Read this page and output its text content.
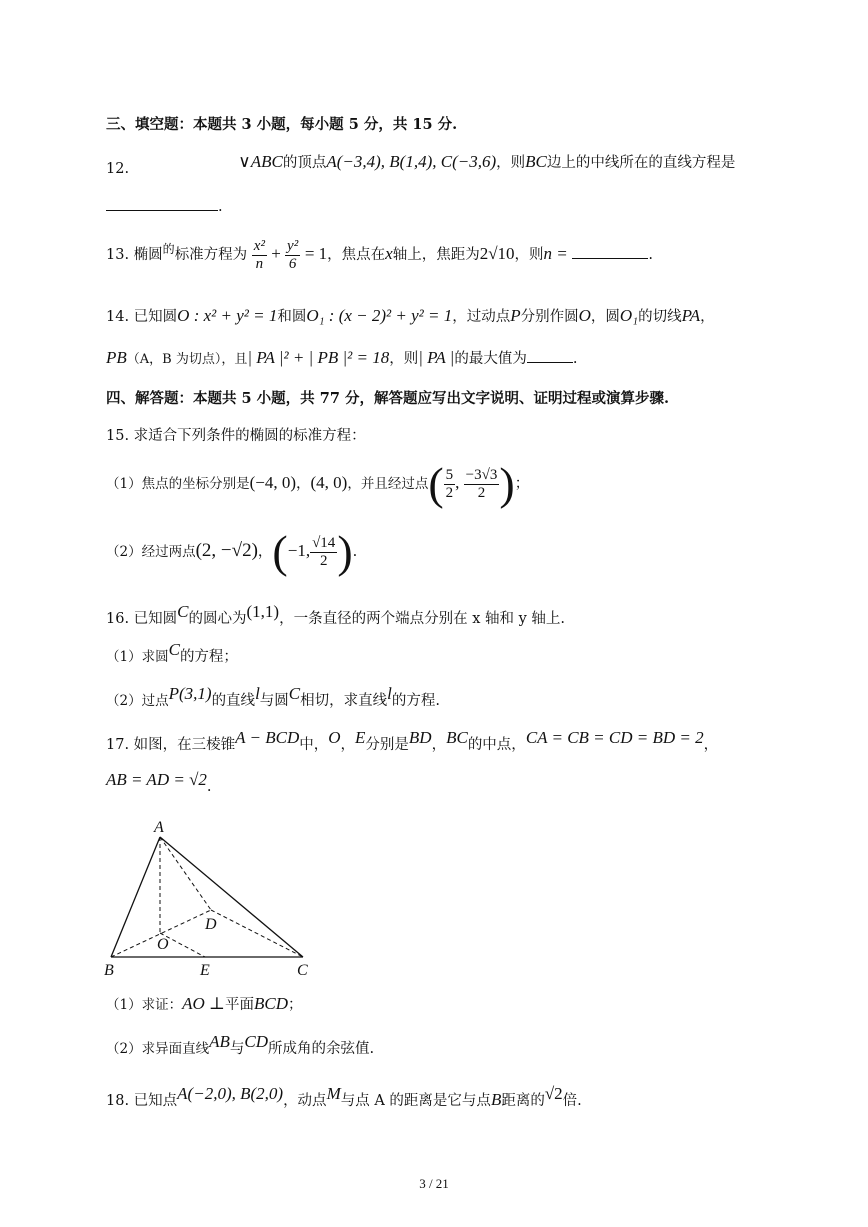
三、填空题：本题共 3 小题，每小题 5 分，共 15 分.
12.	∨ABC的顶点A(−3,4), B(1,4), C(−3,6)，则BC边上的中线所在的直线方程是
.
13. 椭圆$^的$标准方程为 $\frac{\text{x²}}{n} + \frac{\text{y²}}{6} = 1$，焦点在x轴上，焦距为2√10，则n =	.
14. 已知圆O : x² + y² = 1和圆O₁ : (x − 2)² + y² = 1，过动点P分别作圆O，圆O₁的切线PA，
PB（A，B 为切点），且| PA |² + | PB |² = 18，则| PA |的最大值为	.
四、解答题：本题共 5 小题，共 77 分，解答题应写出文字说明、证明过程或演算步骤.
15. 求适合下列条件的椭圆的标准方程：
（1）焦点的坐标分别是(−4, 0)，(4, 0)，并且经过点( $\frac{5}{2}$ , $\frac{-3√3}{2}$ )；
（2）经过两点(2, −√2)，(−1, $\frac{√14}{2}$ ).
16. 已知圆C的圆心为(1,1)，一条直径的两个端点分别在 x 轴和 y 轴上.
（1）求圆C的方程；
（2）过点P(3,1)的直线l与圆C相切，求直线l的方程.
17. 如图，在三棱锥A − BCD中，O，E分别是BD，BC的中点，CA = CB = CD = BD = 2，
AB = AD = √2.
A
B	C
D
E
O
（1）求证：AO ⊥平面BCD；
（2）求异面直线AB与CD所成角的余弦值.
18. 已知点A(−2,0), B(2,0)，动点M与点 A 的距离是它与点B距离的√2倍.
3 / 21
